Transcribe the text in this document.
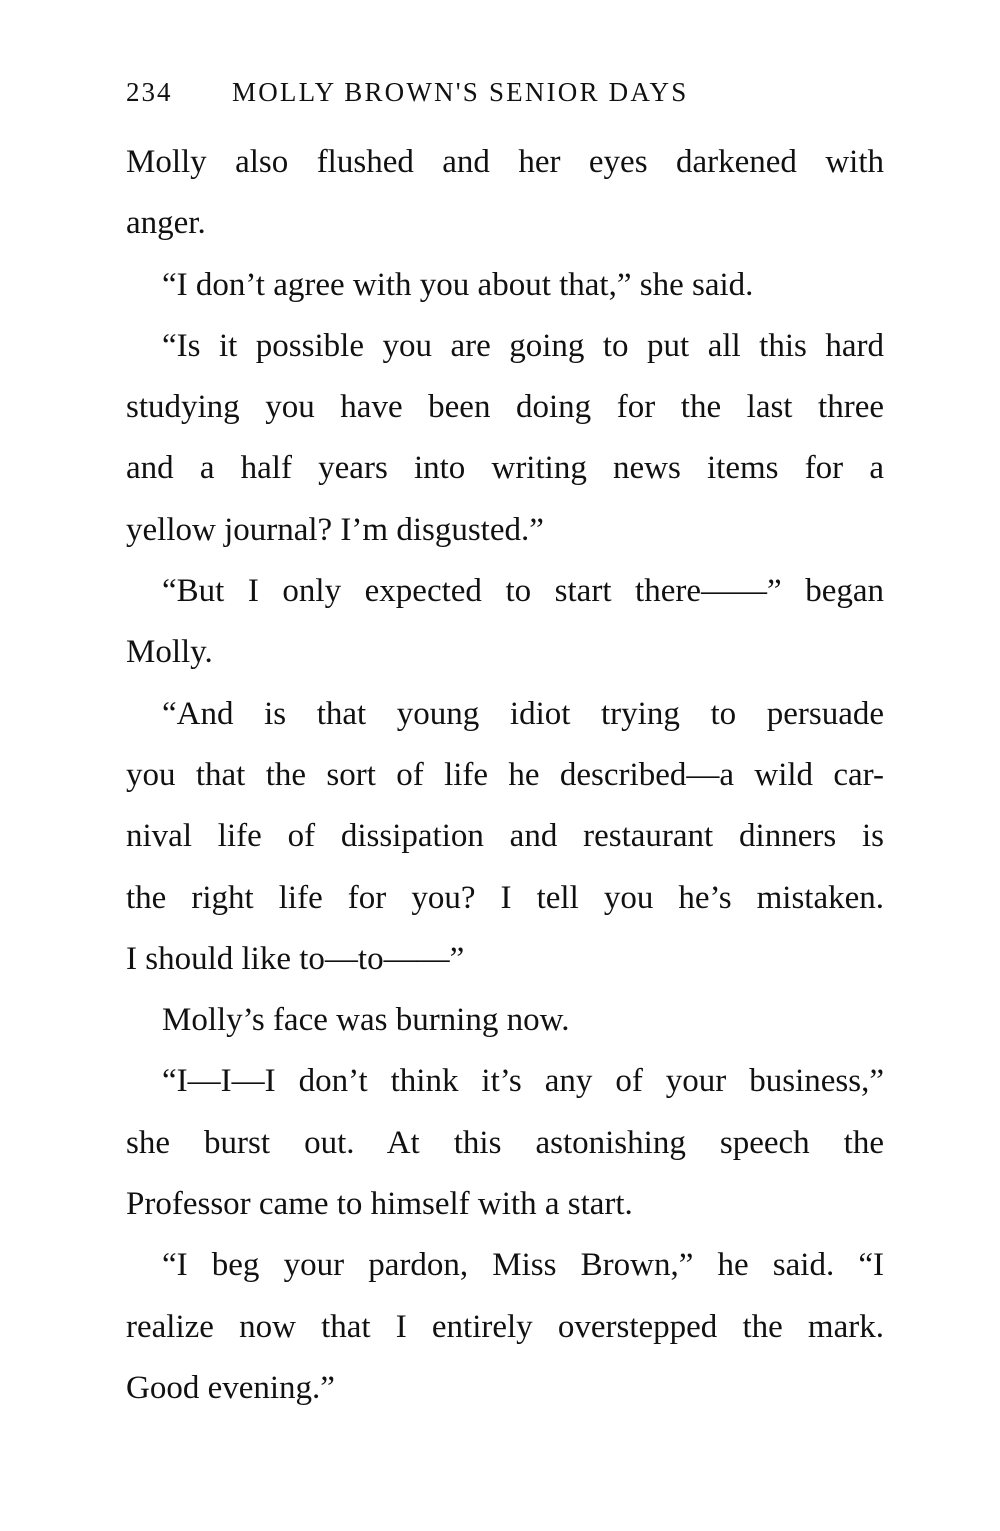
234	MOLLY BROWN'S SENIOR DAYS
Molly also flushed and her eyes darkened with
anger.
“I don’t agree with you about that,” she said.
“Is it possible you are going to put all this hard
studying you have been doing for the last three
and a half years into writing news items for a
yellow journal? I’m disgusted.”
“But I only expected to start there——” began
Molly.
“And is that young idiot trying to persuade
you that the sort of life he described—a wild car-
nival life of dissipation and restaurant dinners is
the right life for you? I tell you he’s mistaken.
I should like to—to——”
Molly’s face was burning now.
“I—I—I don’t think it’s any of your business,”
she burst out. At this astonishing speech the
Professor came to himself with a start.
“I beg your pardon, Miss Brown,” he said. “I
realize now that I entirely overstepped the mark.
Good evening.”
